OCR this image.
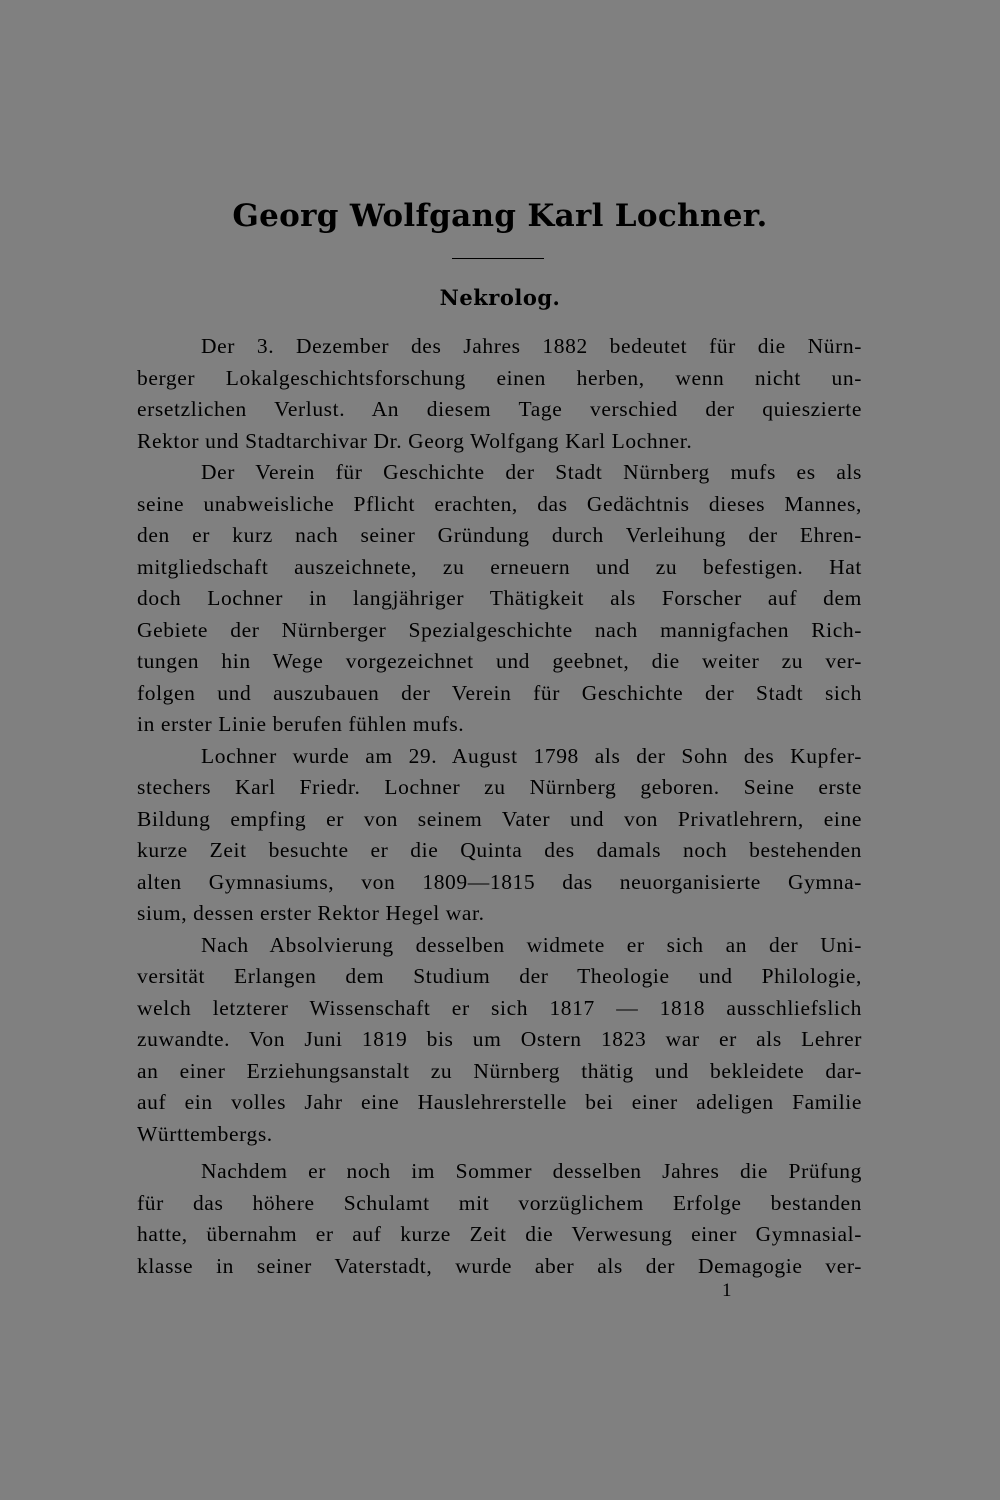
Georg Wolfgang Karl Lochner.
Nekrolog.
Der 3. Dezember des Jahres 1882 bedeutet für die Nürn-
berger Lokalgeschichtsforschung einen herben, wenn nicht un-
ersetzlichen Verlust. An diesem Tage verschied der quieszierte
Rektor und Stadtarchivar Dr. Georg Wolfgang Karl Lochner.
Der Verein für Geschichte der Stadt Nürnberg mufs es als
seine unabweisliche Pflicht erachten, das Gedächtnis dieses Mannes,
den er kurz nach seiner Gründung durch Verleihung der Ehren-
mitgliedschaft auszeichnete, zu erneuern und zu befestigen. Hat
doch Lochner in langjähriger Thätigkeit als Forscher auf dem
Gebiete der Nürnberger Spezialgeschichte nach mannigfachen Rich-
tungen hin Wege vorgezeichnet und geebnet, die weiter zu ver-
folgen und auszubauen der Verein für Geschichte der Stadt sich
in erster Linie berufen fühlen mufs.
Lochner wurde am 29. August 1798 als der Sohn des Kupfer-
stechers Karl Friedr. Lochner zu Nürnberg geboren. Seine erste
Bildung empfing er von seinem Vater und von Privatlehrern, eine
kurze Zeit besuchte er die Quinta des damals noch bestehenden
alten Gymnasiums, von 1809—1815 das neuorganisierte Gymna-
sium, dessen erster Rektor Hegel war.
Nach Absolvierung desselben widmete er sich an der Uni-
versität Erlangen dem Studium der Theologie und Philologie,
welch letzterer Wissenschaft er sich 1817 — 1818 ausschliefslich
zuwandte. Von Juni 1819 bis um Ostern 1823 war er als Lehrer
an einer Erziehungsanstalt zu Nürnberg thätig und bekleidete dar-
auf ein volles Jahr eine Hauslehrerstelle bei einer adeligen Familie
Württembergs.
Nachdem er noch im Sommer desselben Jahres die Prüfung
für das höhere Schulamt mit vorzüglichem Erfolge bestanden
hatte, übernahm er auf kurze Zeit die Verwesung einer Gymnasial-
klasse in seiner Vaterstadt, wurde aber als der Demagogie ver-
1
